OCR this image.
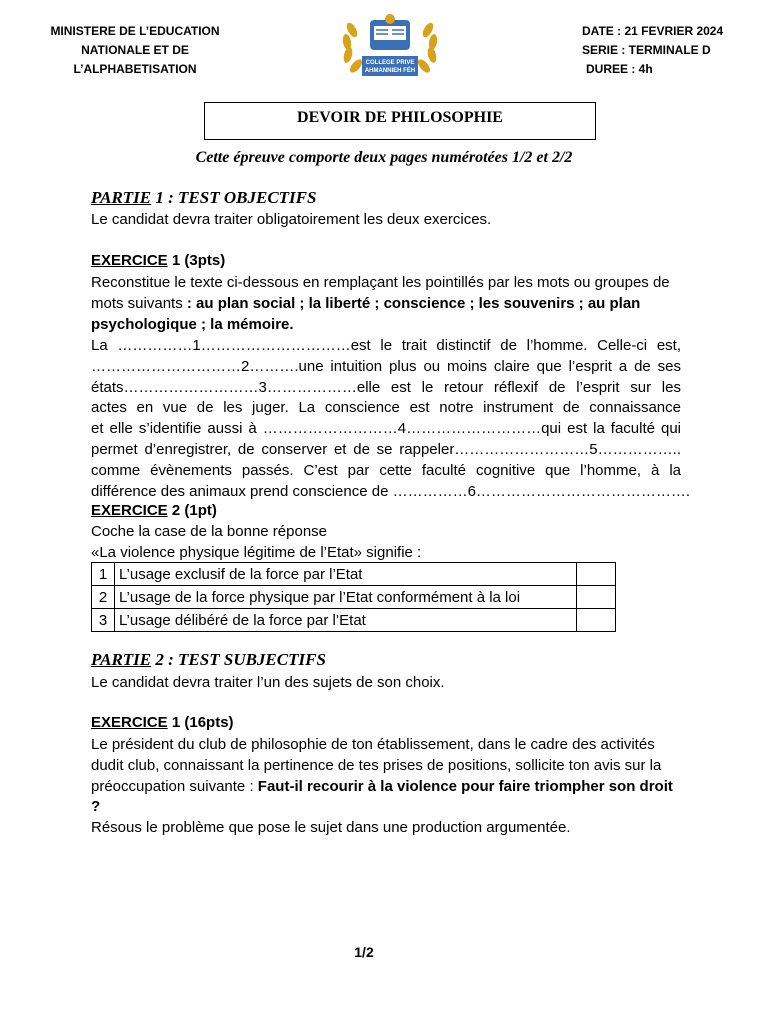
MINISTERE DE L’EDUCATION
NATIONALE ET DE
L’ALPHABETISATION	COLLEGE PRIVE
AHMANNIEH FÉH
DATE : 21 FEVRIER 2024
SERIE : TERMINALE D
DUREE : 4h
DEVOIR DE PHILOSOPHIE
Cette épreuve comporte deux pages numérotées 1/2 et 2/2
PARTIE 1 : TEST OBJECTIFS
Le candidat devra traiter obligatoirement les deux exercices.
EXERCICE 1 (3pts)
Reconstitue le texte ci-dessous en remplaçant les pointillés par les mots ou groupes de mots suivants : au plan social ; la liberté ; conscience ; les souvenirs ; au plan psychologique ; la mémoire.
La ……………1…………………………est le trait distinctif de l’homme. Celle-ci est,
…………………………2……….une intuition plus ou moins claire que l’esprit a de ses
états………………………3………………elle est le retour réflexif de l’esprit sur les
actes en vue de les juger. La conscience est notre instrument de connaissance
et elle s’identifie aussi à ………………………4………………………qui est la faculté qui
permet d’enregistrer, de conserver et de se rappeler………………………5……………..
comme évènements passés. C’est par cette faculté cognitive que l’homme, à la
différence des animaux prend conscience de ……………6…………………………………….
EXERCICE 2 (1pt)
Coche la case de la bonne réponse
«La violence physique légitime de l’Etat» signifie :
1	L’usage exclusif de la force par l’Etat	
2	L’usage de la force physique par l’Etat conformément à la loi	
3	L’usage délibéré de la force par l’Etat	
PARTIE 2 : TEST SUBJECTIFS
Le candidat devra traiter l’un des sujets de son choix.
EXERCICE 1 (16pts)
Le président du club de philosophie de ton établissement, dans le cadre des activités dudit club, connaissant la pertinence de tes prises de positions, sollicite ton avis sur la préoccupation suivante : Faut-il recourir à la violence pour faire triompher son droit ?
Résous le problème que pose le sujet dans une production argumentée.
1/2
